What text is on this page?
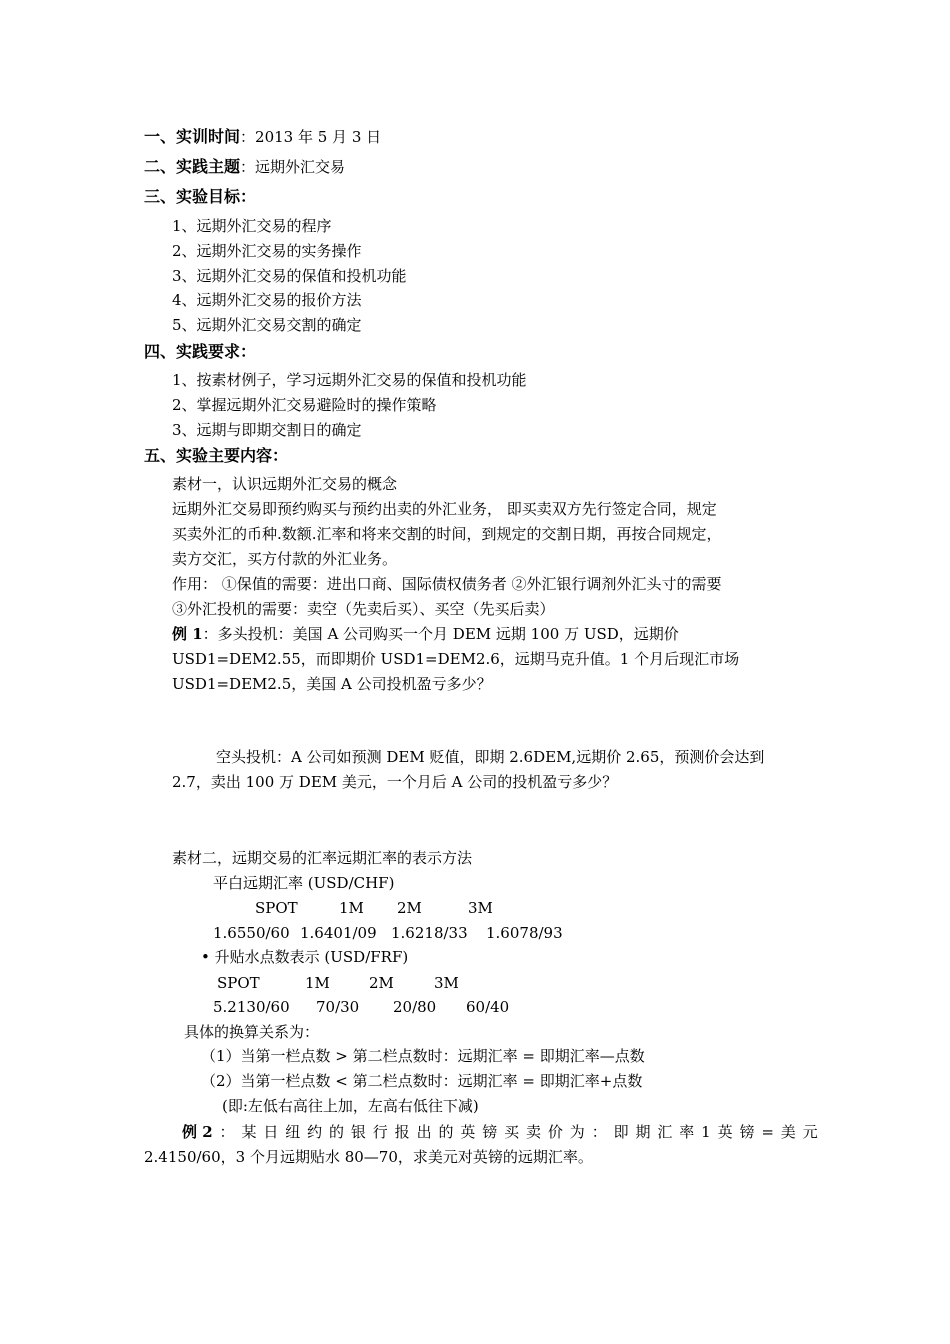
一、实训时间：2013 年 5 月 3 日
二、实践主题：远期外汇交易
三、实验目标：
1、远期外汇交易的程序
2、远期外汇交易的实务操作
3、远期外汇交易的保值和投机功能
4、远期外汇交易的报价方法
5、远期外汇交易交割的确定
四、实践要求：
1、按素材例子，学习远期外汇交易的保值和投机功能
2、掌握远期外汇交易避险时的操作策略
3、远期与即期交割日的确定
五、实验主要内容：
素材一，认识远期外汇交易的概念
远期外汇交易即预约购买与预约出卖的外汇业务， 即买卖双方先行签定合同，规定
买卖外汇的币种.数额.汇率和将来交割的时间，到规定的交割日期，再按合同规定，
卖方交汇，买方付款的外汇业务。
作用： ①保值的需要：进出口商、国际债权债务者 ②外汇银行调剂外汇头寸的需要
③外汇投机的需要：卖空（先卖后买）、买空（先买后卖）
例 1：多头投机：美国 A 公司购买一个月 DEM 远期 100 万 USD，远期价
USD1=DEM2.55，而即期价 USD1=DEM2.6，远期马克升值。1 个月后现汇市场
USD1=DEM2.5，美国 A 公司投机盈亏多少？
空头投机：A 公司如预测 DEM 贬值，即期 2.6DEM,远期价 2.65，预测价会达到
2.7，卖出 100 万 DEM 美元，一个月后 A 公司的投机盈亏多少？
素材二，远期交易的汇率远期汇率的表示方法
平白远期汇率 (USD/CHF)
SPOT	1M 2M	3M
1.6550/60 1.6401/09 1.6218/33 1.6078/93
• 升贴水点数表示 (USD/FRF)
SPOT	1M	2M	3M
5.2130/60 70/30 20/80 60/40
具体的换算关系为：
（1）当第一栏点数 > 第二栏点数时：远期汇率 = 即期汇率—点数
（2）当第一栏点数 < 第二栏点数时：远期汇率 = 即期汇率+点数
(即:左低右高往上加，左高右低往下减)
例 2 ： 某 日 纽 约 的 银 行 报 出 的 英 镑 买 卖 价 为 ： 即 期 汇 率 1 英 镑 = 美 元
2.4150/60，3 个月远期贴水 80—70，求美元对英镑的远期汇率。
